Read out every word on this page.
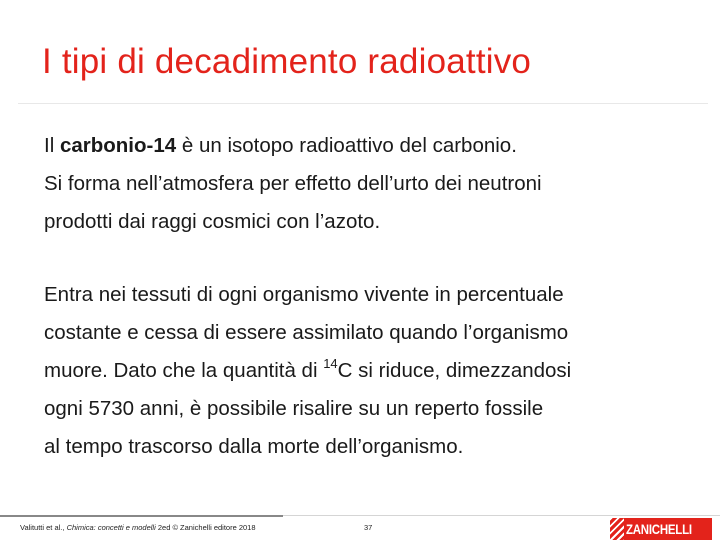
I tipi di decadimento radioattivo

Il carbonio-14 è un isotopo radioattivo del carbonio.

Si forma nell’atmosfera per effetto dell’urto dei neutroni

prodotti dai raggi cosmici con l’azoto.

Entra nei tessuti di ogni organismo vivente in percentuale

costante e cessa di essere assimilato quando l’organismo

muore. Dato che la quantità di $^{14}$C si riduce, dimezzandosi

ogni 5730 anni, è possibile risalire su un reperto fossile

al tempo trascorso dalla morte dell’organismo.

Valitutti et al., Chimica: concetti e modelli 2ed © Zanichelli editore 2018	37	ZANICHELLI
